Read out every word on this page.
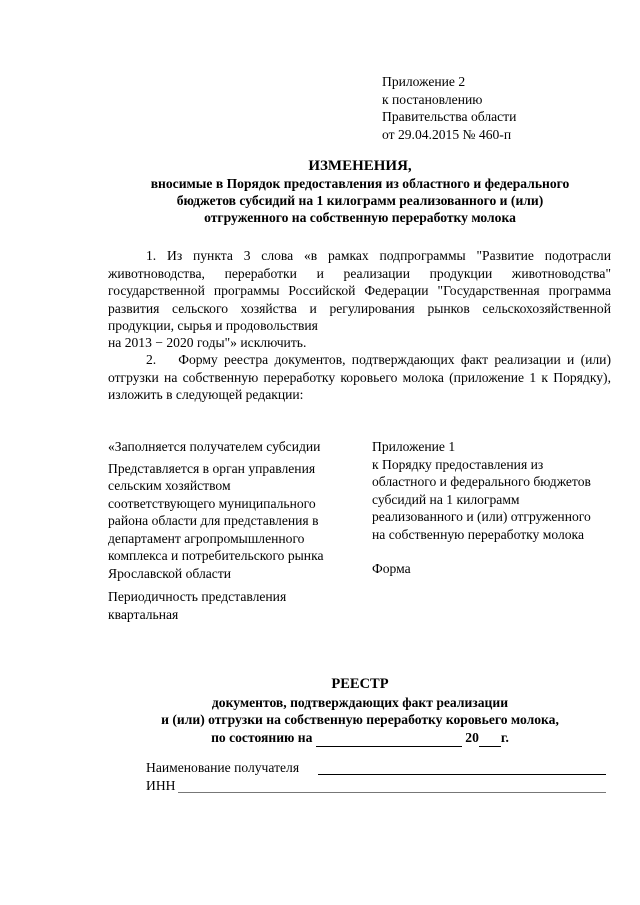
Приложение 2
к постановлению
Правительства области
от 29.04.2015 № 460-п
ИЗМЕНЕНИЯ,
вносимые в Порядок предоставления из областного и федерального
бюджетов субсидий на 1 килограмм реализованного и (или)
отгруженного на собственную переработку молока
1. Из пункта 3 слова «в рамках подпрограммы "Развитие подотрасли животноводства, переработки и реализации продукции животноводства" государственной программы Российской Федерации "Государственная программа развития сельского хозяйства и регулирования рынков сельскохозяйственной продукции, сырья и продовольствия
на 2013 − 2020 годы"» исключить.
2. Форму реестра документов, подтверждающих факт реализации и (или) отгрузки на собственную переработку коровьего молока (приложение 1 к Порядку), изложить в следующей редакции:
«Заполняется получателем субсидии
Представляется в орган управления сельским хозяйством соответствующего муниципального района области для представления в департамент агропромышленного комплекса и потребительского рынка Ярославской области
Периодичность представления квартальная
Приложение 1
к Порядку предоставления из областного и федерального бюджетов субсидий на 1 килограмм реализованного и (или) отгруженного на собственную переработку молока
Форма
РЕЕСТР
документов, подтверждающих факт реализации
и (или) отгрузки на собственную переработку коровьего молока,
по состоянию на	20 г.
Наименование получателя
ИНН
